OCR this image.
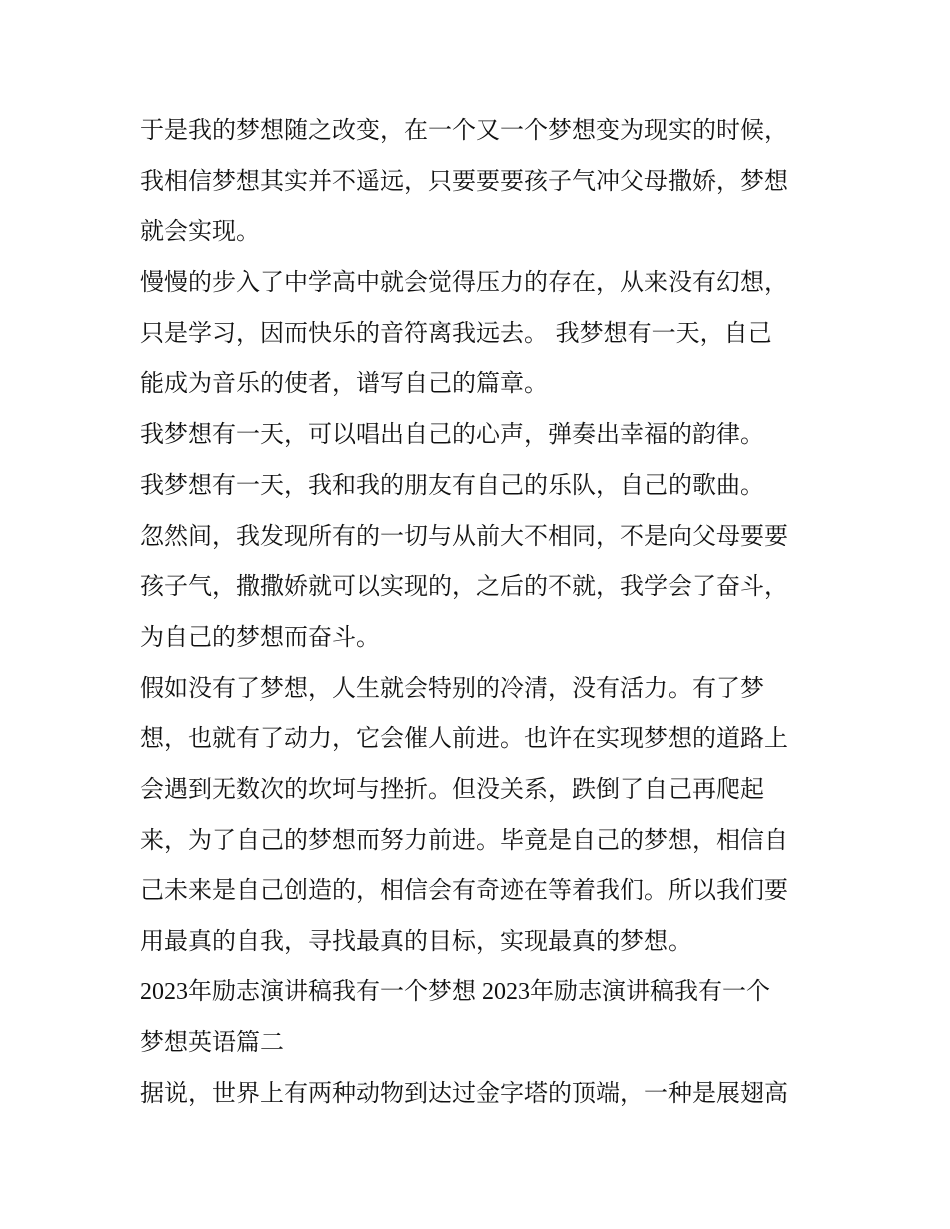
于是我的梦想随之改变，在一个又一个梦想变为现实的时候，
我相信梦想其实并不遥远，只要要要孩子气冲父母撒娇，梦想
就会实现。
慢慢的步入了中学高中就会觉得压力的存在，从来没有幻想，
只是学习，因而快乐的音符离我远去。 我梦想有一天，自己
能成为音乐的使者，谱写自己的篇章。
我梦想有一天，可以唱出自己的心声，弹奏出幸福的韵律。
我梦想有一天，我和我的朋友有自己的乐队，自己的歌曲。
忽然间，我发现所有的一切与从前大不相同，不是向父母要要
孩子气，撒撒娇就可以实现的，之后的不就，我学会了奋斗，
为自己的梦想而奋斗。
假如没有了梦想，人生就会特别的冷清，没有活力。有了梦
想，也就有了动力，它会催人前进。也许在实现梦想的道路上
会遇到无数次的坎坷与挫折。但没关系，跌倒了自己再爬起
来，为了自己的梦想而努力前进。毕竟是自己的梦想，相信自
己未来是自己创造的，相信会有奇迹在等着我们。所以我们要
用最真的自我，寻找最真的目标，实现最真的梦想。
2023年励志演讲稿我有一个梦想 2023年励志演讲稿我有一个
梦想英语篇二
据说，世界上有两种动物到达过金字塔的顶端，一种是展翅高
